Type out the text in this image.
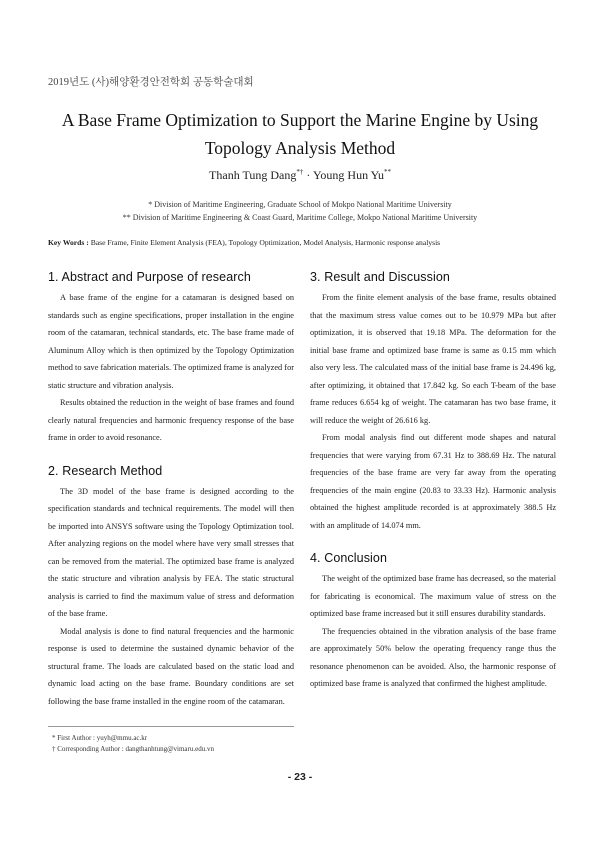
2019년도 (사)해양환경안전학회 공동학술대회
A Base Frame Optimization to Support the Marine Engine by Using
Topology Analysis Method
Thanh Tung Dang*† · Young Hun Yu**
* Division of Maritime Engineering, Graduate School of Mokpo National Maritime University
** Division of Maritime Engineering & Coast Guard, Maritime College, Mokpo National Maritime University
Key Words : Base Frame, Finite Element Analysis (FEA), Topology Optimization, Model Analysis, Harmonic response analysis
1. Abstract and Purpose of research

A base frame of the engine for a catamaran is designed based on standards such as engine specifications, proper installation in the engine room of the catamaran, technical standards, etc. The base frame made of Aluminum Alloy which is then optimized by the Topology Optimization method to save fabrication materials. The optimized frame is analyzed for static structure and vibration analysis.

Results obtained the reduction in the weight of base frames and found clearly natural frequencies and harmonic frequency response of the base frame in order to avoid resonance.

2. Research Method

The 3D model of the base frame is designed according to the specification standards and technical requirements. The model will then be imported into ANSYS software using the Topology Optimization tool. After analyzing regions on the model where have very small stresses that can be removed from the material. The optimized base frame is analyzed the static structure and vibration analysis by FEA. The static structural analysis is carried to find the maximum value of stress and deformation of the base frame.

Modal analysis is done to find natural frequencies and the harmonic response is used to determine the sustained dynamic behavior of the structural frame. The loads are calculated based on the static load and dynamic load acting on the base frame. Boundary conditions are set following the base frame installed in the engine room of the catamaran.

3. Result and Discussion

From the finite element analysis of the base frame, results obtained that the maximum stress value comes out to be 10.979 MPa but after optimization, it is observed that 19.18 MPa. The deformation for the initial base frame and optimized base frame is same as 0.15 mm which also very less. The calculated mass of the initial base frame is 24.496 kg, after optimizing, it obtained that 17.842 kg. So each T-beam of the base frame reduces 6.654 kg of weight. The catamaran has two base frame, it will reduce the weight of 26.616 kg.

From modal analysis find out different mode shapes and natural frequencies that were varying from 67.31 Hz to 388.69 Hz. The natural frequencies of the base frame are very far away from the operating frequencies of the main engine (20.83 to 33.33 Hz). Harmonic analysis obtained the highest amplitude recorded is at approximately 388.5 Hz with an amplitude of 14.074 mm.

4. Conclusion

The weight of the optimized base frame has decreased, so the material for fabricating is economical. The maximum value of stress on the optimized base frame increased but it still ensures durability standards.

The frequencies obtained in the vibration analysis of the base frame are approximately 50% below the operating frequency range thus the resonance phenomenon can be avoided. Also, the harmonic response of optimized base frame is analyzed that confirmed the highest amplitude.

* First Author : yuyh@mmu.ac.kr
† Corresponding Author : dangthanhtung@vimaru.edu.vn
- 23 -
